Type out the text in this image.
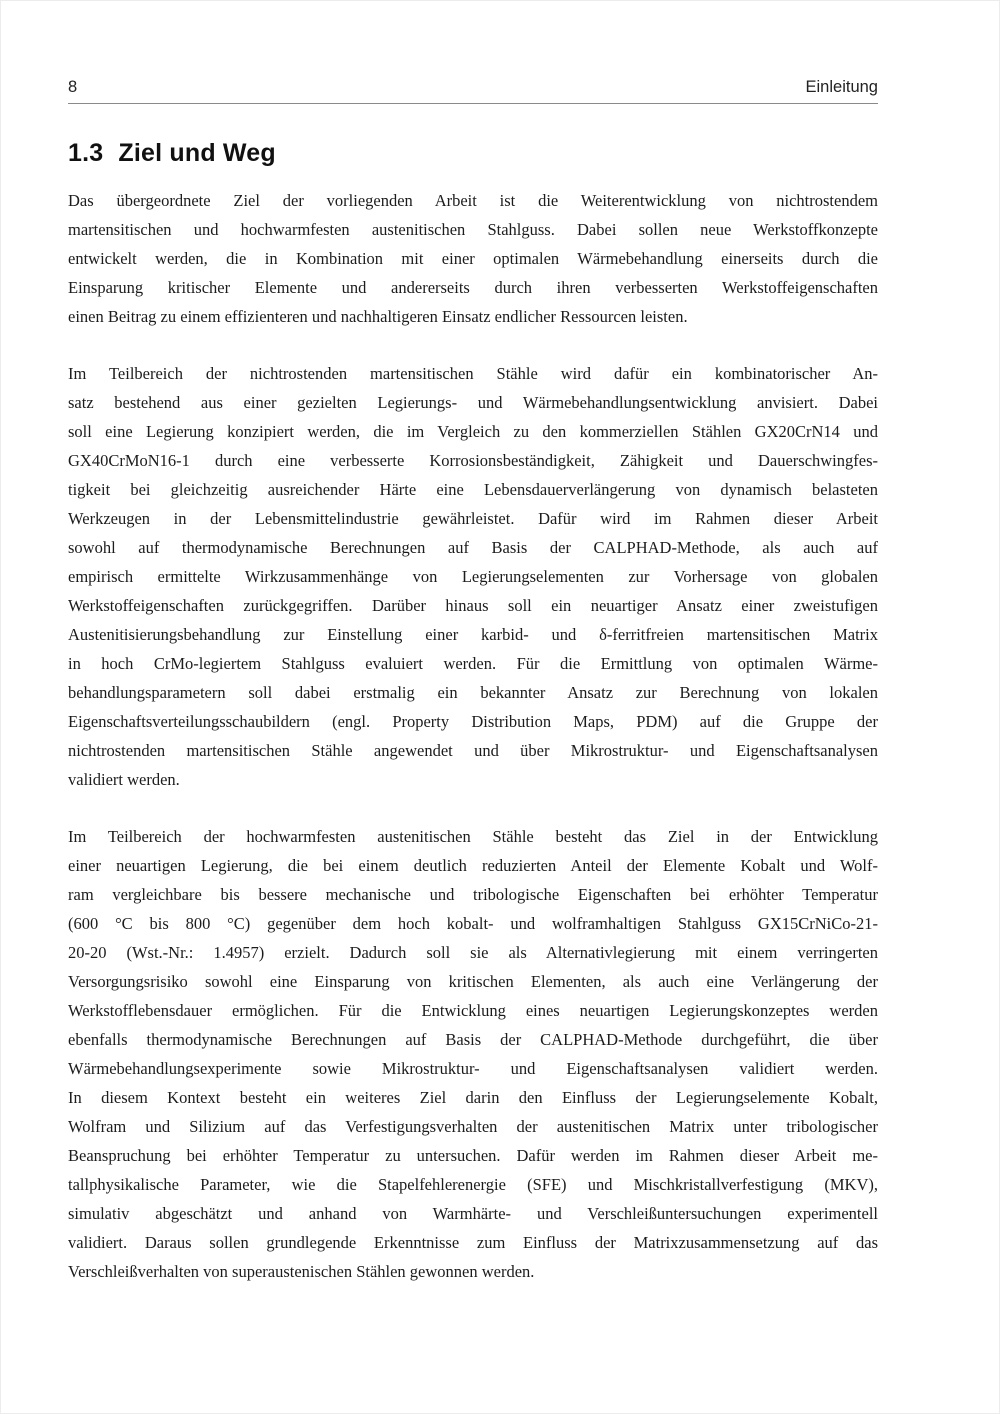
8	Einleitung
1.3 Ziel und Weg
Das übergeordnete Ziel der vorliegenden Arbeit ist die Weiterentwicklung von nichtrostendem
martensitischen und hochwarmfesten austenitischen Stahlguss. Dabei sollen neue Werkstoffkonzepte
entwickelt werden, die in Kombination mit einer optimalen Wärmebehandlung einerseits durch die
Einsparung kritischer Elemente und andererseits durch ihren verbesserten Werkstoffeigenschaften
einen Beitrag zu einem effizienteren und nachhaltigeren Einsatz endlicher Ressourcen leisten.
Im Teilbereich der nichtrostenden martensitischen Stähle wird dafür ein kombinatorischer An-
satz bestehend aus einer gezielten Legierungs- und Wärmebehandlungsentwicklung anvisiert. Dabei
soll eine Legierung konzipiert werden, die im Vergleich zu den kommerziellen Stählen GX20CrN14 und
GX40CrMoN16-1 durch eine verbesserte Korrosionsbeständigkeit, Zähigkeit und Dauerschwingfes-
tigkeit bei gleichzeitig ausreichender Härte eine Lebensdauerverlängerung von dynamisch belasteten
Werkzeugen in der Lebensmittelindustrie gewährleistet. Dafür wird im Rahmen dieser Arbeit
sowohl auf thermodynamische Berechnungen auf Basis der CALPHAD-Methode, als auch auf
empirisch ermittelte Wirkzusammenhänge von Legierungselementen zur Vorhersage von globalen
Werkstoffeigenschaften zurückgegriffen. Darüber hinaus soll ein neuartiger Ansatz einer zweistufigen
Austenitisierungsbehandlung zur Einstellung einer karbid- und δ-ferritfreien martensitischen Matrix
in hoch CrMo-legiertem Stahlguss evaluiert werden. Für die Ermittlung von optimalen Wärme-
behandlungsparametern soll dabei erstmalig ein bekannter Ansatz zur Berechnung von lokalen
Eigenschaftsverteilungsschaubildern (engl. Property Distribution Maps, PDM) auf die Gruppe der
nichtrostenden martensitischen Stähle angewendet und über Mikrostruktur- und Eigenschaftsanalysen
validiert werden.
Im Teilbereich der hochwarmfesten austenitischen Stähle besteht das Ziel in der Entwicklung
einer neuartigen Legierung, die bei einem deutlich reduzierten Anteil der Elemente Kobalt und Wolf-
ram vergleichbare bis bessere mechanische und tribologische Eigenschaften bei erhöhter Temperatur
(600 °C bis 800 °C) gegenüber dem hoch kobalt- und wolframhaltigen Stahlguss GX15CrNiCo-21-
20-20 (Wst.-Nr.: 1.4957) erzielt. Dadurch soll sie als Alternativlegierung mit einem verringerten
Versorgungsrisiko sowohl eine Einsparung von kritischen Elementen, als auch eine Verlängerung der
Werkstofflebensdauer ermöglichen. Für die Entwicklung eines neuartigen Legierungskonzeptes werden
ebenfalls thermodynamische Berechnungen auf Basis der CALPHAD-Methode durchgeführt, die über
Wärmebehandlungsexperimente sowie Mikrostruktur- und Eigenschaftsanalysen validiert werden.
In diesem Kontext besteht ein weiteres Ziel darin den Einfluss der Legierungselemente Kobalt,
Wolfram und Silizium auf das Verfestigungsverhalten der austenitischen Matrix unter tribologischer
Beanspruchung bei erhöhter Temperatur zu untersuchen. Dafür werden im Rahmen dieser Arbeit me-
tallphysikalische Parameter, wie die Stapelfehlerenergie (SFE) und Mischkristallverfestigung (MKV),
simulativ abgeschätzt und anhand von Warmhärte- und Verschleißuntersuchungen experimentell
validiert. Daraus sollen grundlegende Erkenntnisse zum Einfluss der Matrixzusammensetzung auf das
Verschleißverhalten von superaustenischen Stählen gewonnen werden.
